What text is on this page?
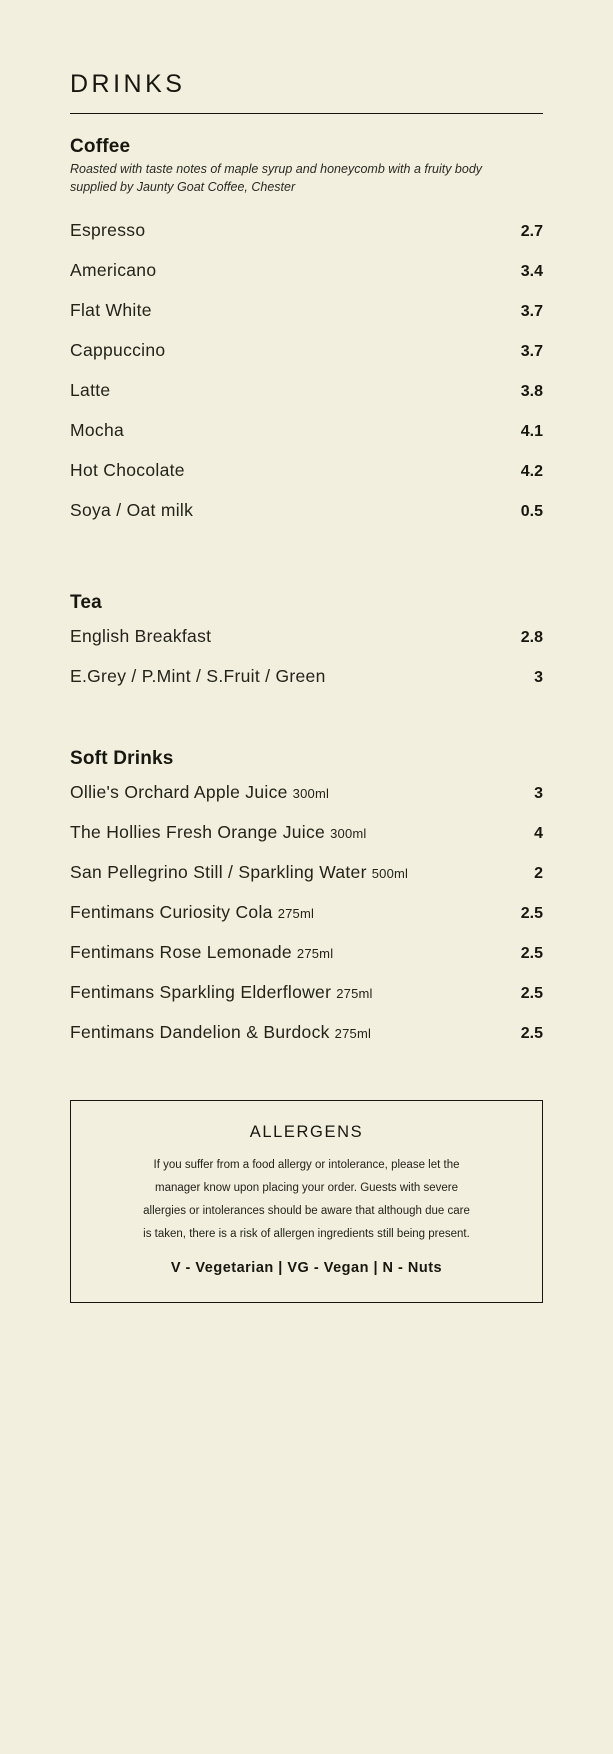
DRINKS
Coffee
Roasted with taste notes of maple syrup and honeycomb with a fruity body supplied by Jaunty Goat Coffee, Chester
Espresso	2.7
Americano	3.4
Flat White	3.7
Cappuccino	3.7
Latte	3.8
Mocha	4.1
Hot Chocolate	4.2
Soya / Oat milk	0.5
Tea
English Breakfast	2.8
E.Grey / P.Mint / S.Fruit / Green	3
Soft Drinks
Ollie's Orchard Apple Juice 300ml	3
The Hollies Fresh Orange Juice 300ml	4
San Pellegrino Still / Sparkling Water 500ml	2
Fentimans Curiosity Cola 275ml	2.5
Fentimans Rose Lemonade 275ml	2.5
Fentimans Sparkling Elderflower 275ml	2.5
Fentimans Dandelion & Burdock 275ml	2.5
ALLERGENS

If you suffer from a food allergy or intolerance, please let the

manager know upon placing your order. Guests with severe

allergies or intolerances should be aware that although due care

is taken, there is a risk of allergen ingredients still being present.

V - Vegetarian | VG - Vegan | N - Nuts
